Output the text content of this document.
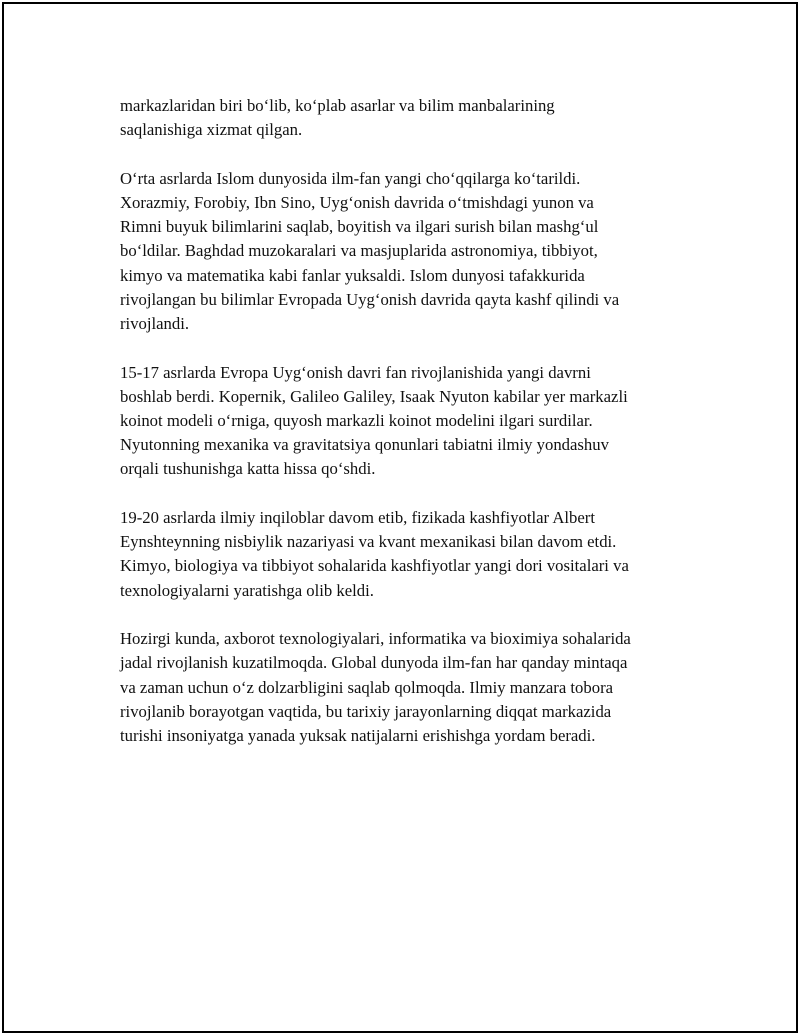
markazlaridan biri bo‘lib, ko‘plab asarlar va bilim manbalarining
saqlanishiga xizmat qilgan.

O‘rta asrlarda Islom dunyosida ilm-fan yangi cho‘qqilarga ko‘tarildi.
Xorazmiy, Forobiy, Ibn Sino, Uyg‘onish davrida o‘tmishdagi yunon va
Rimni buyuk bilimlarini saqlab, boyitish va ilgari surish bilan mashg‘ul
bo‘ldilar. Baghdad muzokaralari va masjuplarida astronomiya, tibbiyot,
kimyo va matematika kabi fanlar yuksaldi. Islom dunyosi tafakkurida
rivojlangan bu bilimlar Evropada Uyg‘onish davrida qayta kashf qilindi va
rivojlandi.

15-17 asrlarda Evropa Uyg‘onish davri fan rivojlanishida yangi davrni
boshlab berdi. Kopernik, Galileo Galiley, Isaak Nyuton kabilar yer markazli
koinot modeli o‘rniga, quyosh markazli koinot modelini ilgari surdilar.
Nyutonning mexanika va gravitatsiya qonunlari tabiatni ilmiy yondashuv
orqali tushunishga katta hissa qo‘shdi.

19-20 asrlarda ilmiy inqiloblar davom etib, fizikada kashfiyotlar Albert
Eynshteynning nisbiylik nazariyasi va kvant mexanikasi bilan davom etdi.
Kimyo, biologiya va tibbiyot sohalarida kashfiyotlar yangi dori vositalari va
texnologiyalarni yaratishga olib keldi.

Hozirgi kunda, axborot texnologiyalari, informatika va bioximiya sohalarida
jadal rivojlanish kuzatilmoqda. Global dunyoda ilm-fan har qanday mintaqa
va zaman uchun o‘z dolzarbligini saqlab qolmoqda. Ilmiy manzara tobora
rivojlanib borayotgan vaqtida, bu tarixiy jarayonlarning diqqat markazida
turishi insoniyatga yanada yuksak natijalarni erishishga yordam beradi.
